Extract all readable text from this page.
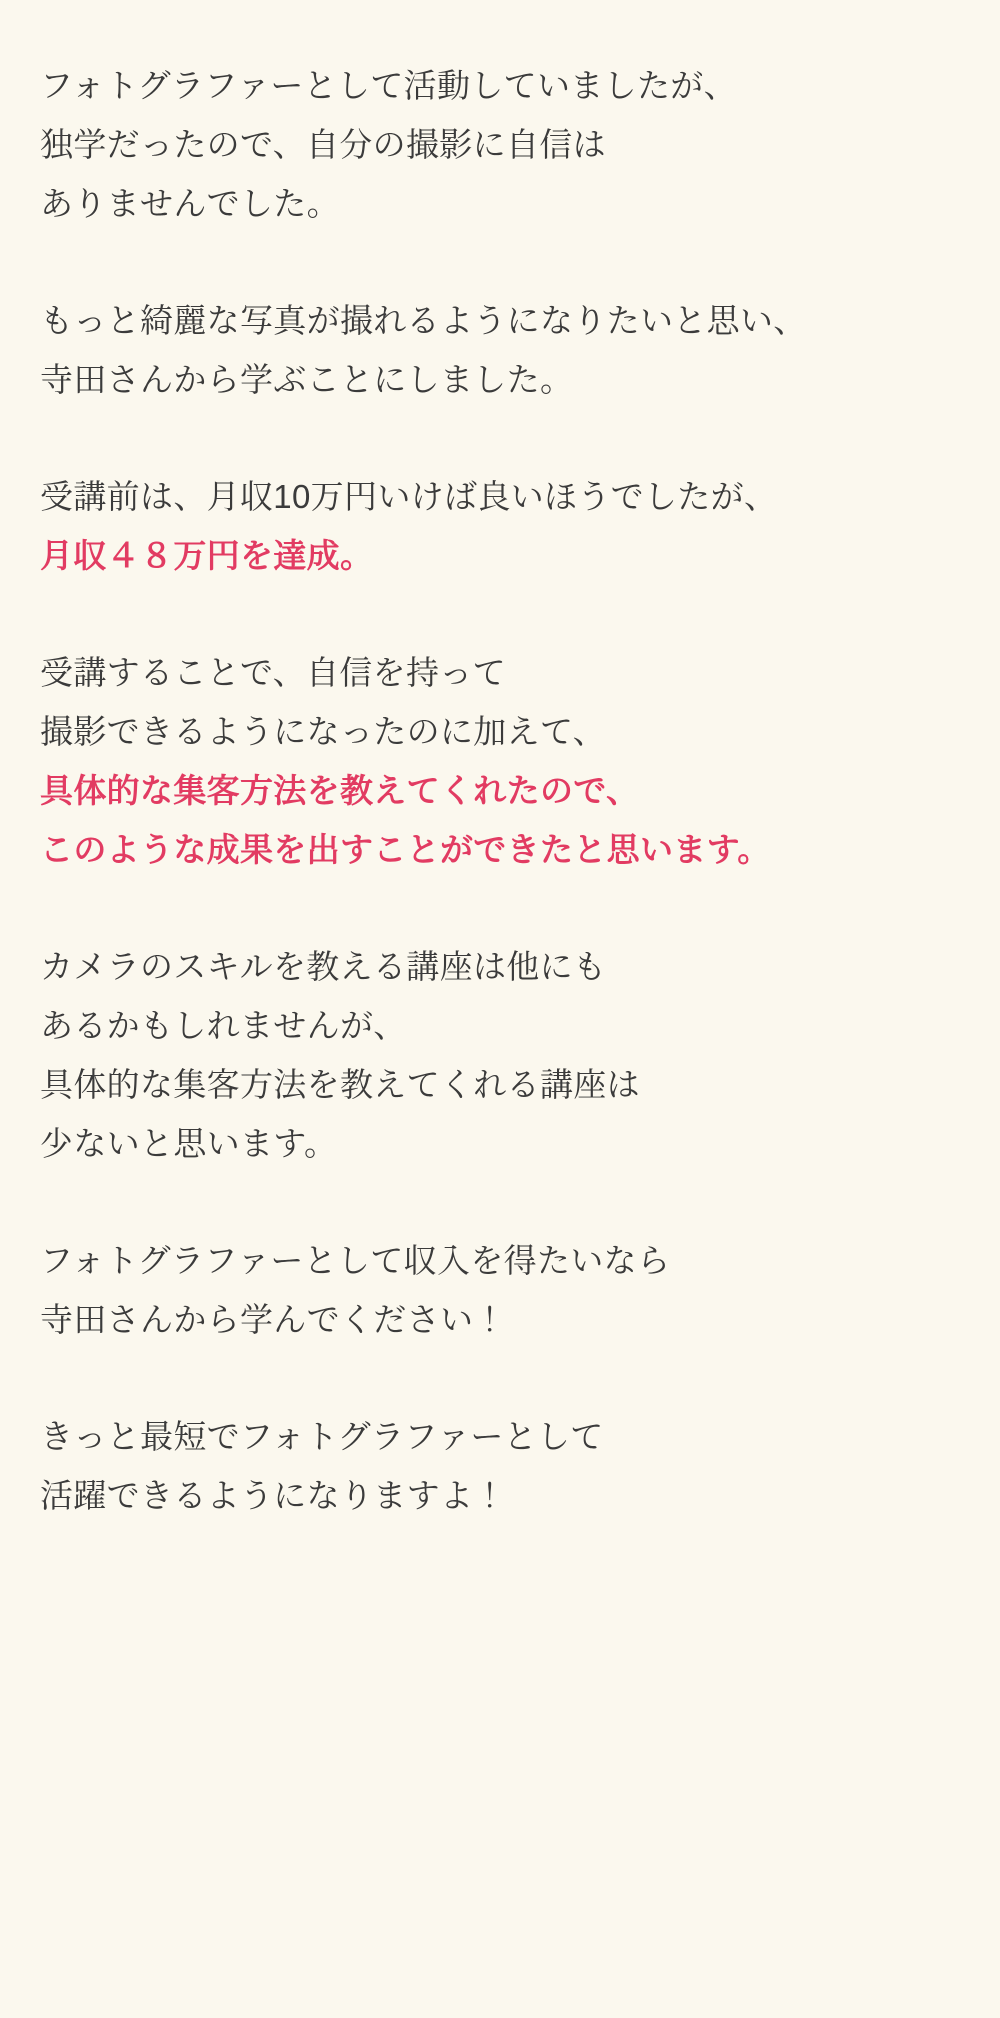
フォトグラファーとして活動していましたが、
独学だったので、自分の撮影に自信は
ありませんでした。

もっと綺麗な写真が撮れるようになりたいと思い、
寺田さんから学ぶことにしました。

受講前は、月収10万円いけば良いほうでしたが、
月収４８万円を達成。

受講することで、自信を持って
撮影できるようになったのに加えて、
具体的な集客方法を教えてくれたので、
このような成果を出すことができたと思います。

カメラのスキルを教える講座は他にも
あるかもしれませんが、
具体的な集客方法を教えてくれる講座は
少ないと思います。

フォトグラファーとして収入を得たいなら
寺田さんから学んでください！

きっと最短でフォトグラファーとして
活躍できるようになりますよ！
